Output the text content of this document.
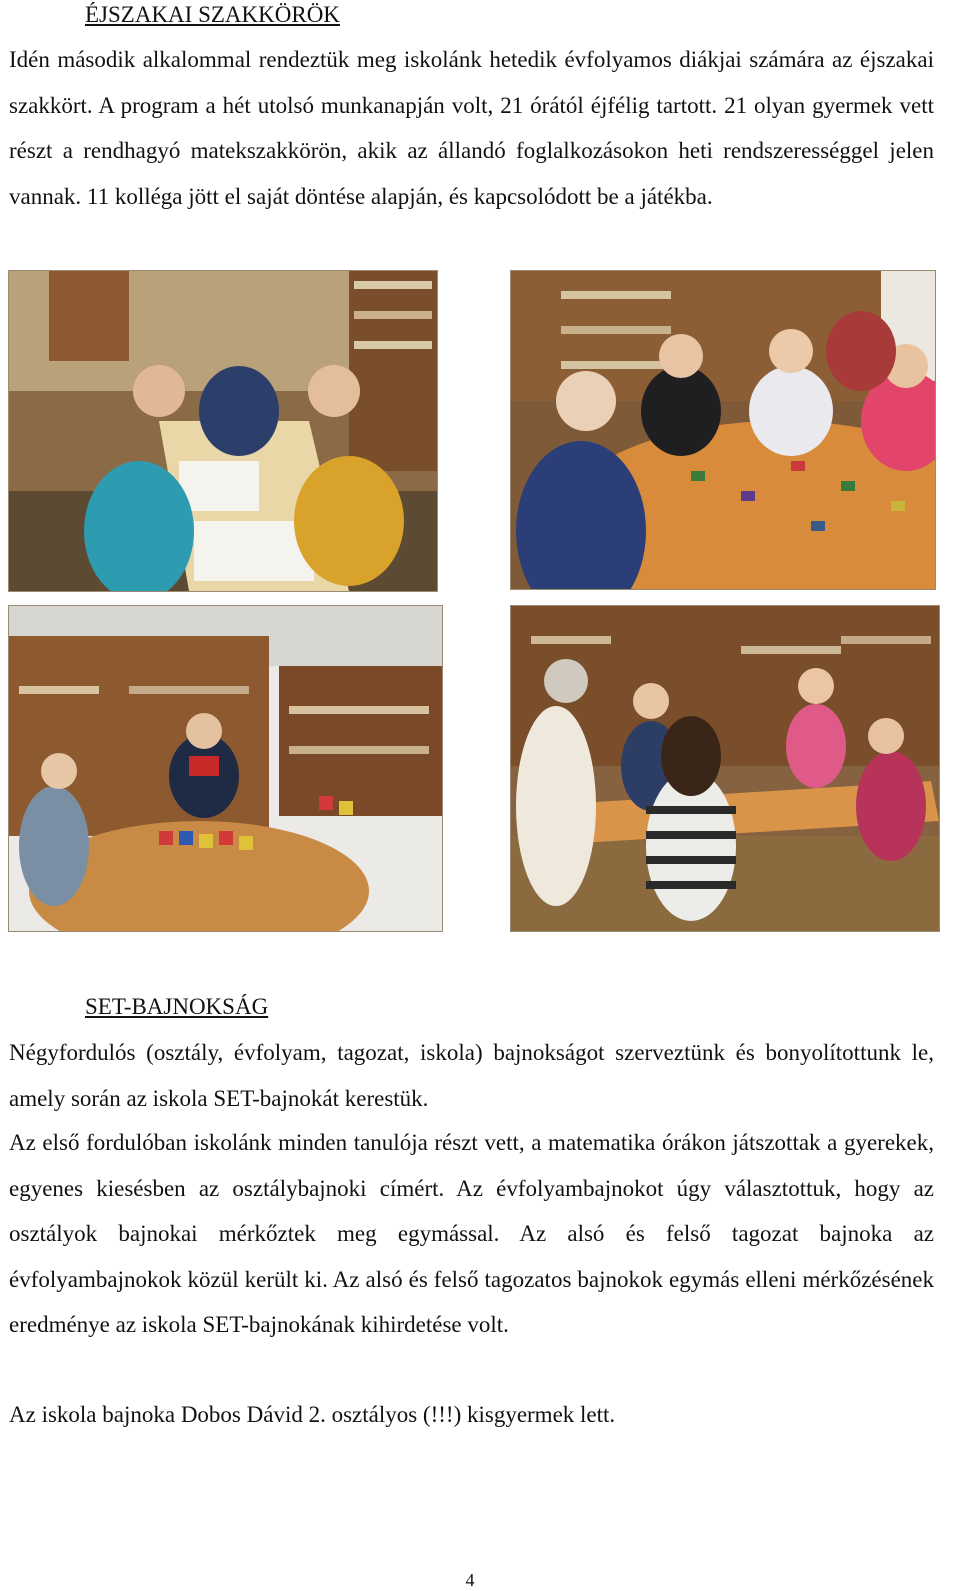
ÉJSZAKAI SZAKKÖRÖK

Idén második alkalommal rendeztük meg iskolánk hetedik évfolyamos diákjai számára az éjszakai szakkört. A program a hét utolsó munkanapján volt, 21 órától éjfélig tartott. 21 olyan gyermek vett részt a rendhagyó matekszakkörön, akik az állandó foglalkozásokon heti rendszerességgel jelen vannak. 11 kolléga jött el saját döntése alapján, és kapcsolódott be a játékba.

SET-BAJNOKSÁG

Négyfordulós (osztály, évfolyam, tagozat, iskola) bajnokságot szerveztünk és bonyolítottunk le, amely során az iskola SET-bajnokát kerestük.

Az első fordulóban iskolánk minden tanulója részt vett, a matematika órákon játszottak a gyerekek, egyenes kiesésben az osztálybajnoki címért. Az évfolyambajnokot úgy választottuk, hogy az osztályok bajnokai mérkőztek meg egymással. Az alsó és felső tagozat bajnoka az évfolyambajnokok közül került ki. Az alsó és felső tagozatos bajnokok egymás elleni mérkőzésének eredménye az iskola SET-bajnokának kihirdetése volt.

Az iskola bajnoka Dobos Dávid 2. osztályos (!!!) kisgyermek lett.

4
